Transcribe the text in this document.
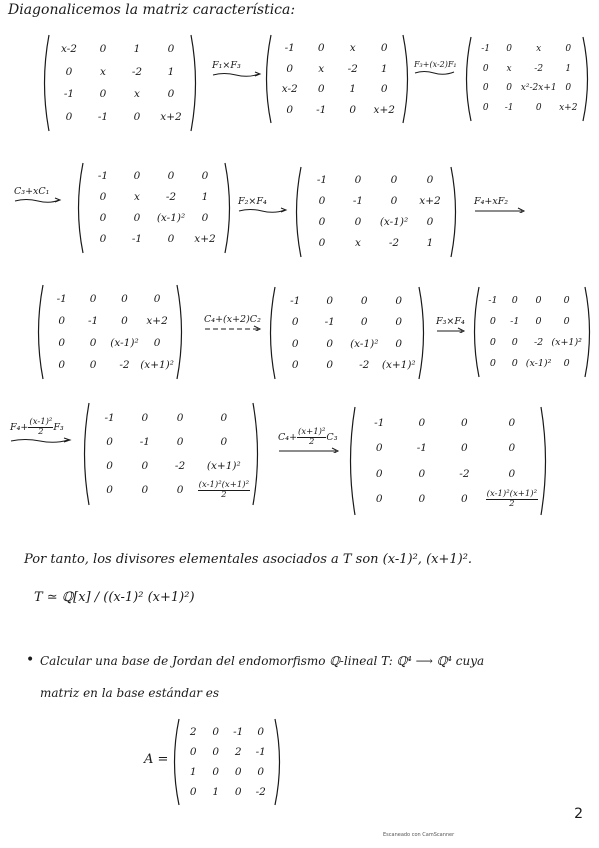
Diagonalicemos la matriz característica:
x-2	0	1	0
0	x	-2	1
-1	0	x	0
0	-1	0	x+2
F₁×F₃
-1	0	x	0
0	x	-2	1
x-2	0	1	0
0	-1	0	x+2
F₃+(x-2)F₁
-1	0	x	0
0	x	-2	1
0	0 x²-2x+1 0
0	-1	0	x+2
C₃+xC₁
-1	0	0	0
0	x	-2	1
0	0	(x-1)²	0
0	-1	0	x+2
F₂×F₄
-1	0	0	0
0	-1	0	x+2
0	0	(x-1)²	0
0	x	-2	1
F₄+xF₂
-1	0	0	0
0	-1	0	x+2
0	0	(x-1)²	0
0	0	-2	(x+1)²
C₄+(x+2)C₂
-1	0	0	0
0	-1	0	0
0	0	(x-1)²	0
0	0	-2	(x+1)²
F₃×F₄
-1	0	0	0
0	-1	0	0
0	0	-2 (x+1)²
0	0 (x-1)²	0
$F_4+ \frac{\text{(x-1)²}}{2} F_3$
-1	0	0	0
0	-1	0	0
0	0	-2	(x+1)²
0	0	0	$\frac{\text{(x-1)²(x+1)²}}{2}$
$C_4+ \frac{\text{(x+1)²}}{2} C_3$
-1	0	0	0
0	-1	0	0
0	0	-2	0
0	0	0	$\frac{\text{(x-1)²(x+1)²}}{2}$
Por tanto, los divisores elementales asociados a T son (x-1)², (x+1)².
T ≃ ℚ[x] / ((x-1)² (x+1)²)
• Calcular una base de Jordan del endomorfismo ℚ-lineal T: ℚ⁴ ⟶ ℚ⁴ cuya
matriz en la base estándar es
A =
2	0	-1	0
0	0	2	-1
1	0	0	0
0	1	0	-2
2
Escaneado con CamScanner
